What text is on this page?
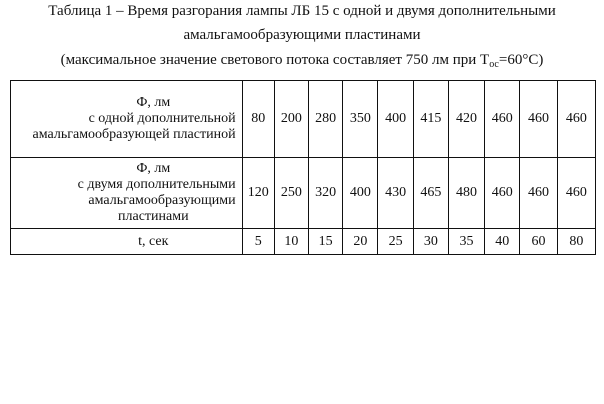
Таблица 1 – Время разгорания лампы ЛБ 15 с одной и двумя дополнительными
амальгамообразующими пластинами
(максимальное значение светового потока составляет 750 лм при $T_{ос}=60^\circ C$)
Ф, лм
с одной дополнительной
амальгамообразующей пластиной	80	200	280	350	400	415	420	460	460	460

Ф, лм
с двумя дополнительными
амальгамообразующими
пластинами	120	250	320	400	430	465	480	460	460	460

t, сек	5	10	15	20	25	30	35	40	60	80
